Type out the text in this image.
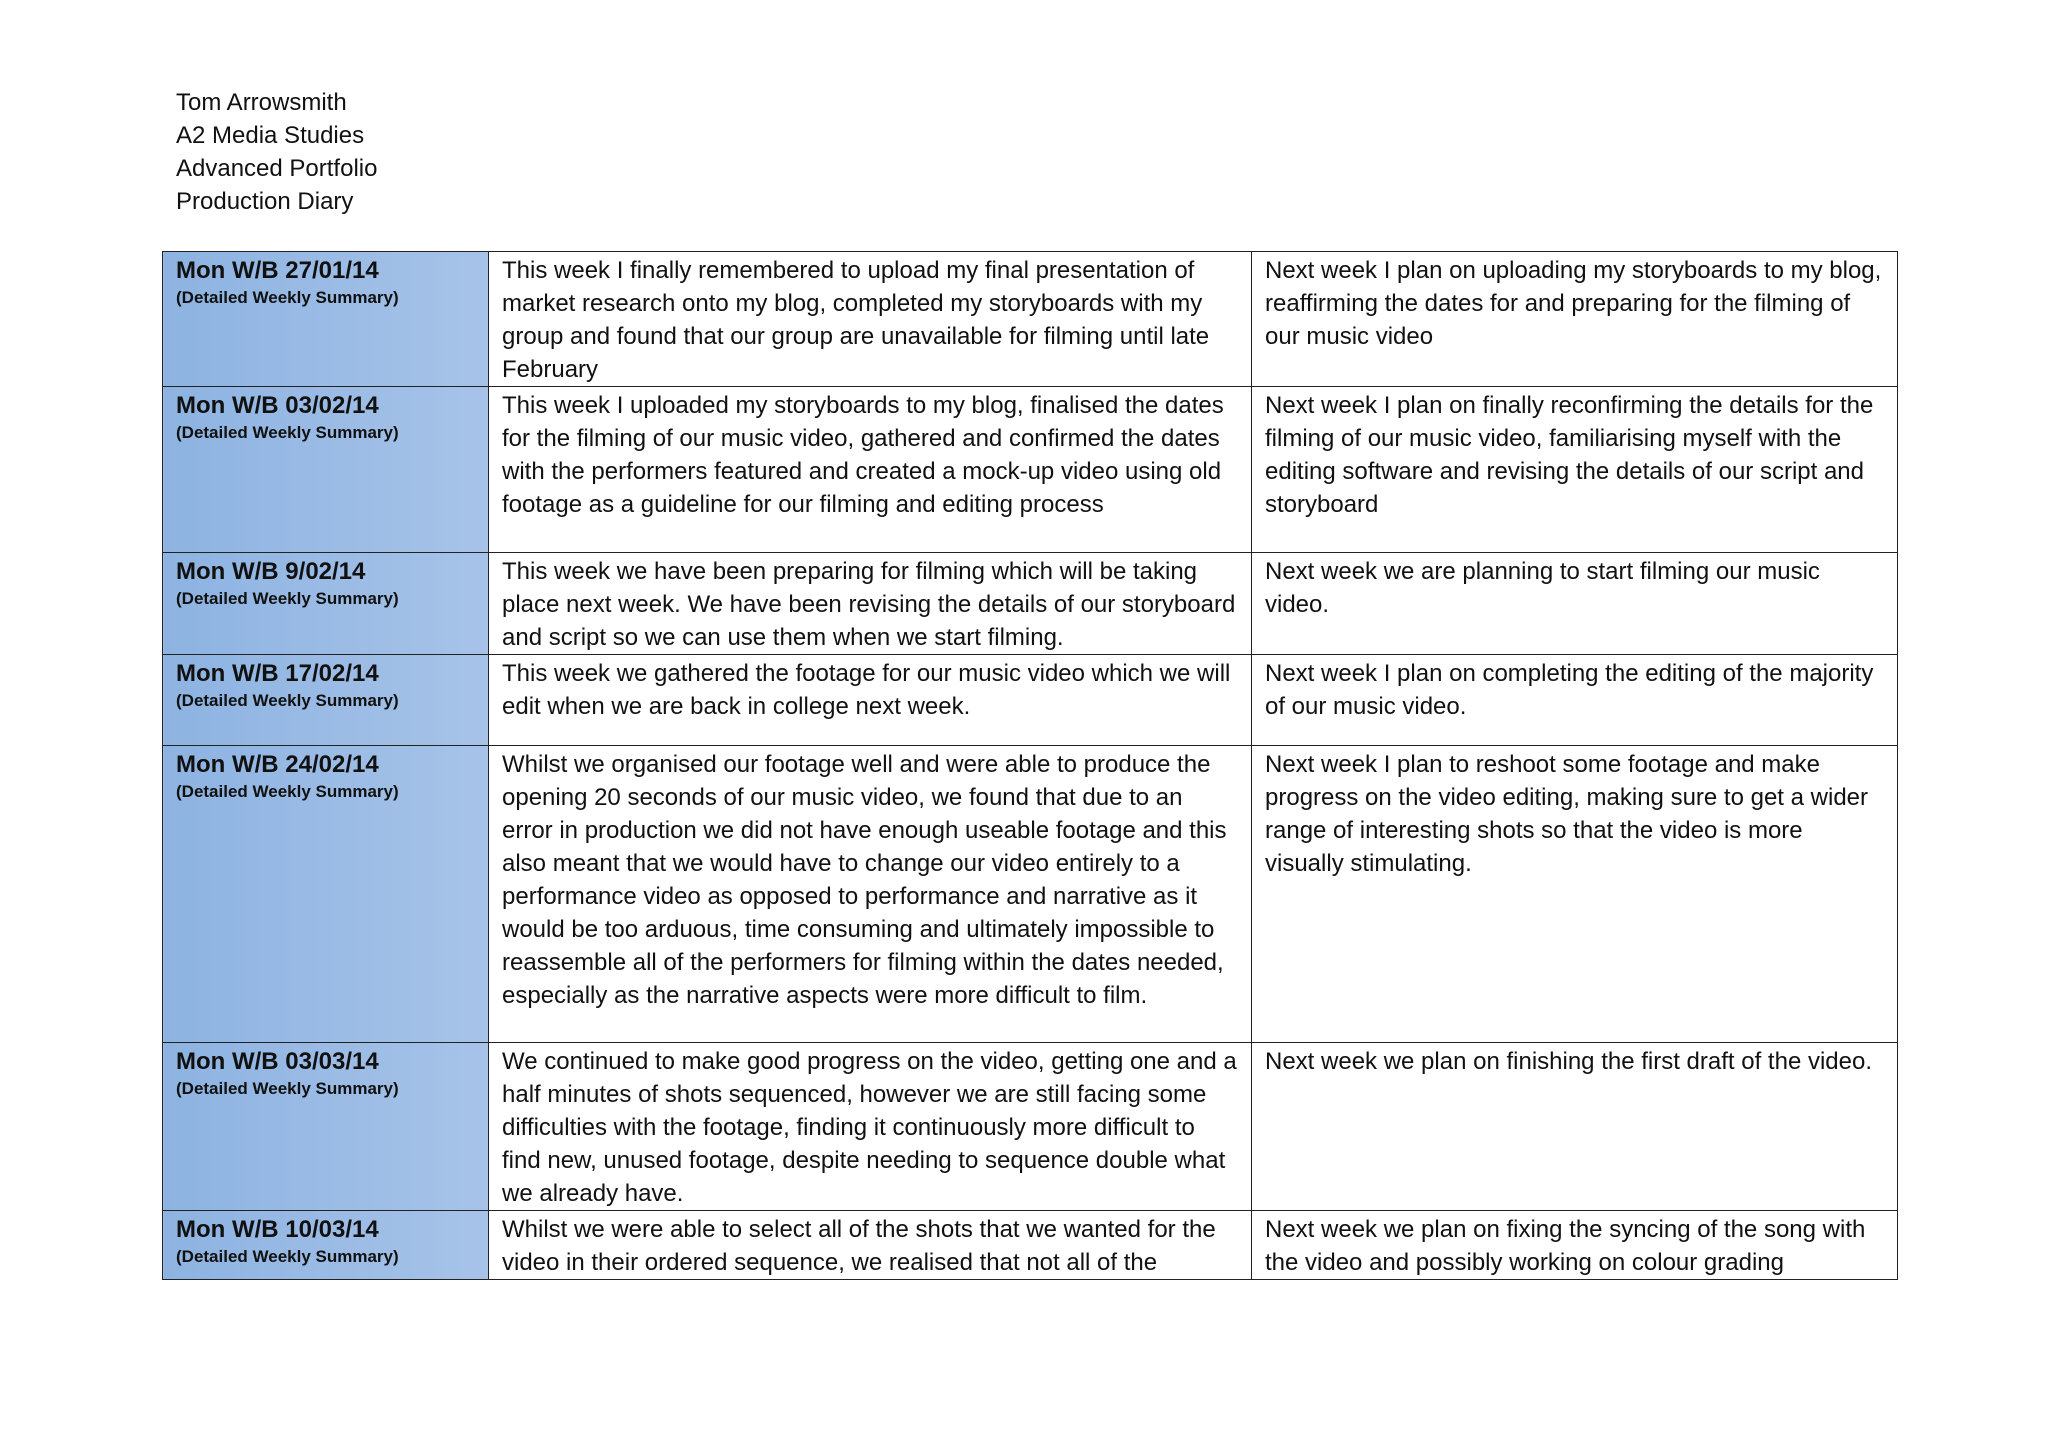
Tom Arrowsmith
A2 Media Studies
Advanced Portfolio
Production Diary
Mon W/B 27/01/14
(Detailed Weekly Summary)	This week I finally remembered to upload my final presentation of market research onto my blog, completed my storyboards with my group and found that our group are unavailable for filming until late February	Next week I plan on uploading my storyboards to my blog, reaffirming the dates for and preparing for the filming of our music video

Mon W/B 03/02/14
(Detailed Weekly Summary)	This week I uploaded my storyboards to my blog, finalised the dates for the filming of our music video, gathered and confirmed the dates with the performers featured and created a mock-up video using old footage as a guideline for our filming and editing process	Next week I plan on finally reconfirming the details for the filming of our music video, familiarising myself with the editing software and revising the details of our script and storyboard

Mon W/B 9/02/14
(Detailed Weekly Summary)	This week we have been preparing for filming which will be taking place next week. We have been revising the details of our storyboard and script so we can use them when we start filming.	Next week we are planning to start filming our music video.

Mon W/B 17/02/14
(Detailed Weekly Summary)	This week we gathered the footage for our music video which we will edit when we are back in college next week.	Next week I plan on completing the editing of the majority of our music video.

Mon W/B 24/02/14
(Detailed Weekly Summary)	Whilst we organised our footage well and were able to produce the opening 20 seconds of our music video, we found that due to an error in production we did not have enough useable footage and this also meant that we would have to change our video entirely to a performance video as opposed to performance and narrative as it would be too arduous, time consuming and ultimately impossible to reassemble all of the performers for filming within the dates needed, especially as the narrative aspects were more difficult to film.	Next week I plan to reshoot some footage and make progress on the video editing, making sure to get a wider range of interesting shots so that the video is more visually stimulating.

Mon W/B 03/03/14
(Detailed Weekly Summary)	We continued to make good progress on the video, getting one and a half minutes of shots sequenced, however we are still facing some difficulties with the footage, finding it continuously more difficult to find new, unused footage, despite needing to sequence double what we already have.	Next week we plan on finishing the first draft of the video.

Mon W/B 10/03/14
(Detailed Weekly Summary)	Whilst we were able to select all of the shots that we wanted for the video in their ordered sequence, we realised that not all of the	Next week we plan on fixing the syncing of the song with the video and possibly working on colour grading
